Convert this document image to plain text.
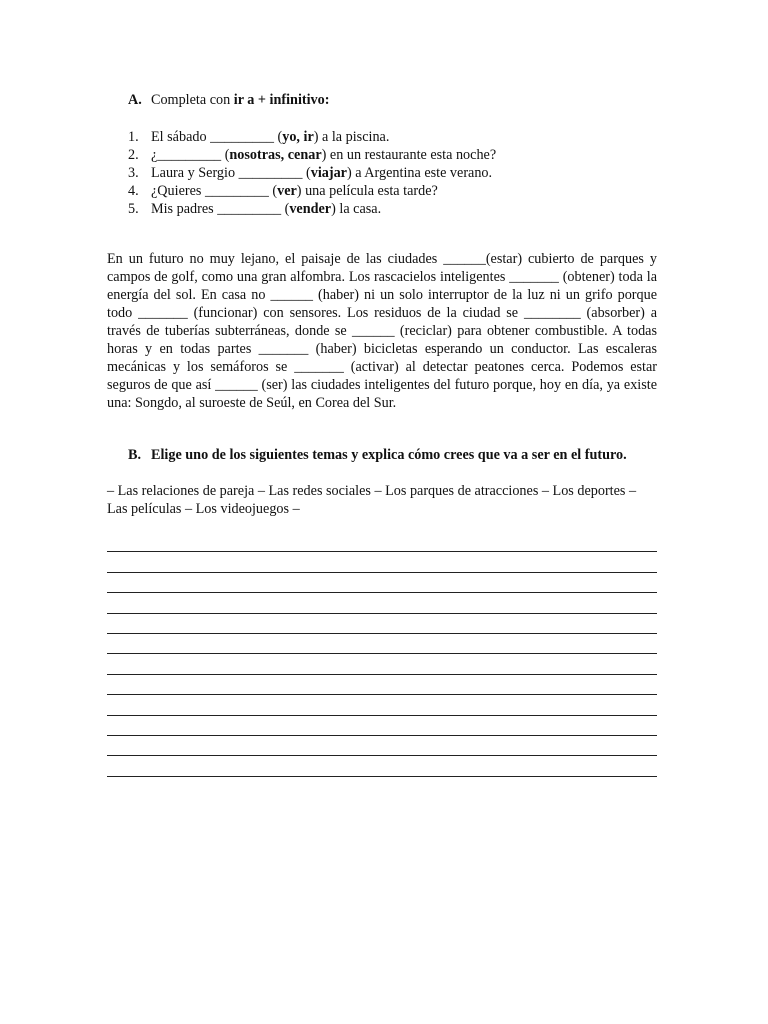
A. Completa con ir a + infinitivo:
1. El sábado _________ (yo, ir) a la piscina.
2. ¿_________ (nosotras, cenar) en un restaurante esta noche?
3. Laura y Sergio _________ (viajar) a Argentina este verano.
4. ¿Quieres _________ (ver) una película esta tarde?
5. Mis padres _________ (vender) la casa.

En un futuro no muy lejano, el paisaje de las ciudades ______(estar) cubierto de parques y campos de golf, como una gran alfombra. Los rascacielos inteligentes _______ (obtener) toda la energía del sol. En casa no ______ (haber) ni un solo interruptor de la luz ni un grifo porque todo _______ (funcionar) con sensores. Los residuos de la ciudad se ________ (absorber) a través de tuberías subterráneas, donde se ______ (reciclar) para obtener combustible. A todas horas y en todas partes _______ (haber) bicicletas esperando un conductor. Las escaleras mecánicas y los semáforos se _______ (activar) al detectar peatones cerca. Podemos estar seguros de que así ______ (ser) las ciudades inteligentes del futuro porque, hoy en día, ya existe una: Songdo, al suroeste de Seúl, en Corea del Sur.

B. Elige uno de los siguientes temas y explica cómo crees que va a ser en el futuro.

– Las relaciones de pareja – Las redes sociales – Los parques de atracciones – Los deportes – Las películas – Los videojuegos –
